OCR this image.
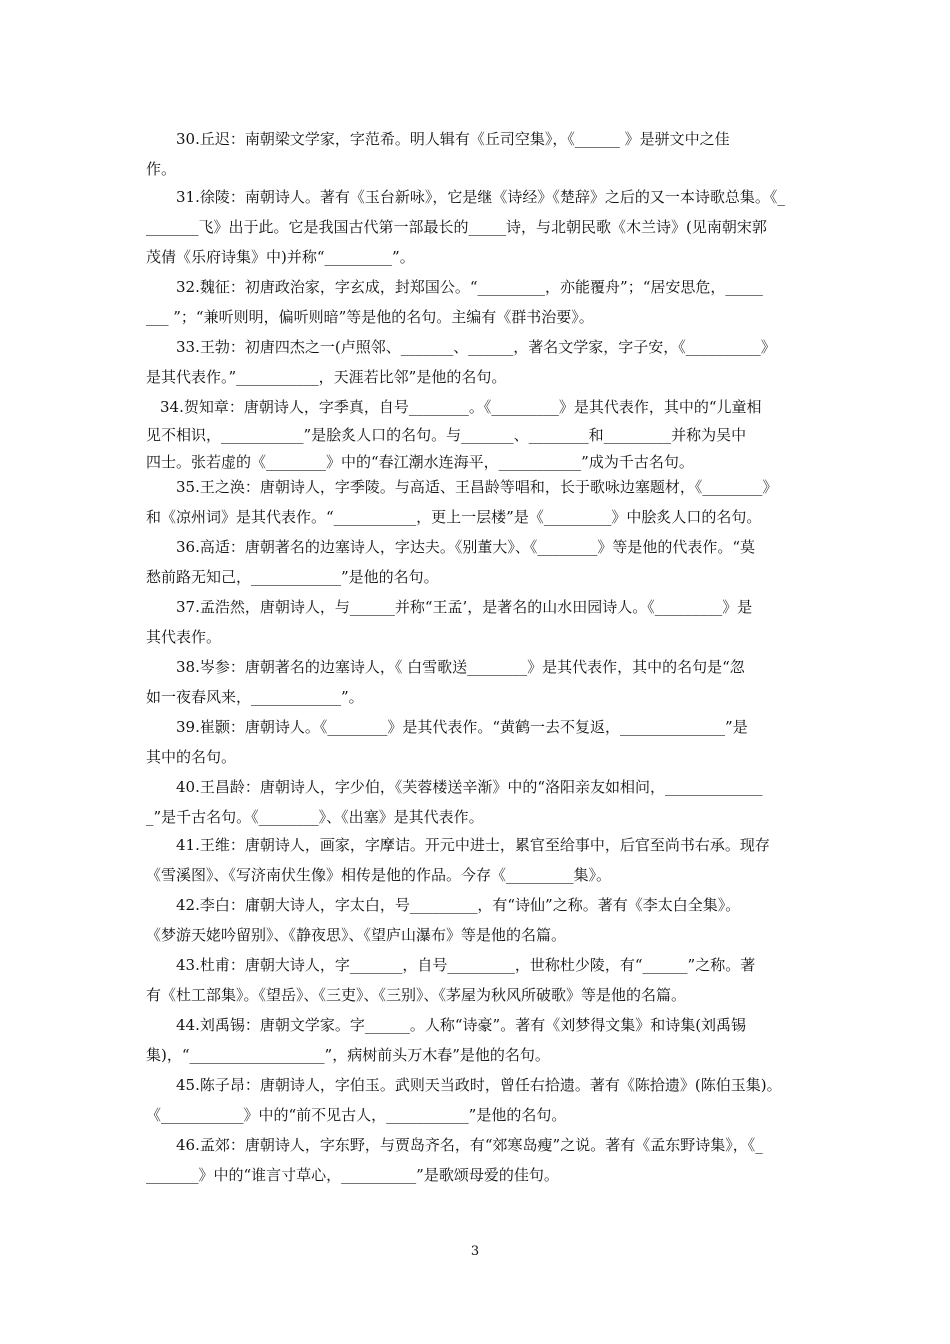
30.丘迟：南朝梁文学家，字范希。明人辑有《丘司空集》，《______ 》是骈文中之佳
作。
31.徐陵：南朝诗人。著有《玉台新咏》，它是继《诗经》《楚辞》之后的又一本诗歌总集。《_
_______飞》出于此。它是我国古代第一部最长的_____诗，与北朝民歌《木兰诗》(见南朝宋郭
茂倩《乐府诗集》中)并称“_________”。
32.魏征：初唐政治家，字玄成，封郑国公。“_________，亦能覆舟”；“居安思危，_____
___ ”；“兼听则明，偏听则暗”等是他的名句。主编有《群书治要》。
33.王勃：初唐四杰之一(卢照邻、_______、______，著名文学家，字子安，《__________》
是其代表作。”___________，天涯若比邻”是他的名句。
34.贺知章：唐朝诗人，字季真，自号________。《_________》是其代表作，其中的“儿童相
见不相识，___________”是脍炙人口的名句。与_______、________和_________并称为吴中
四士。张若虚的《________》中的“春江潮水连海平，___________”成为千古名句。
35.王之涣：唐朝诗人，字季陵。与高适、王昌龄等唱和，长于歌咏边塞题材，《________》
和《凉州词》是其代表作。“___________，更上一层楼”是《_________》中脍炙人口的名句。
36.高适：唐朝著名的边塞诗人，字达夫。《别董大》、《________》等是他的代表作。“莫
愁前路无知己，____________”是他的名句。
37.孟浩然，唐朝诗人，与______并称“王孟’，是著名的山水田园诗人。《_________》是
其代表作。
38.岑参：唐朝著名的边塞诗人，《 白雪歌送________》是其代表作，其中的名句是“忽
如一夜春风来，____________”。
39.崔颢：唐朝诗人。《________》是其代表作。“黄鹤一去不复返，______________”是
其中的名句。
40.王昌龄：唐朝诗人，字少伯，《芙蓉楼送辛渐》中的“洛阳亲友如相问，_____________
_”是千古名句。《________》、《出塞》是其代表作。
41.王维：唐朝诗人，画家，字摩诘。开元中进士，累官至给事中，后官至尚书右承。现存
《雪溪图》、《写济南伏生像》相传是他的作品。今存《_________集》。
42.李白：庸朝大诗人，字太白，号_________，有“诗仙”之称。著有《李太白全集》。
《梦游天姥吟留别》、《静夜思》、《望庐山瀑布》等是他的名篇。
43.杜甫：唐朝大诗人，字_______，自号_________，世称杜少陵，有“______”之称。著
有《杜工部集》。《望岳》、《三吏》、《三别》、《茅屋为秋风所破歌》等是他的名篇。
44.刘禹锡：唐朝文学家。字______。人称“诗豪”。著有《刘梦得文集》和诗集(刘禹锡
集)，“__________________”，病树前头万木春”是他的名句。
45.陈子昂：唐朝诗人，字伯玉。武则天当政时，曾任右拾遗。著有《陈拾遗》(陈伯玉集)。
《___________》中的“前不见古人，___________”是他的名句。
46.孟郊：唐朝诗人，字东野，与贾岛齐名，有“郊寒岛瘦”之说。著有《孟东野诗集》，《_
_______》中的“谁言寸草心，__________”是歌颂母爱的佳句。
3
